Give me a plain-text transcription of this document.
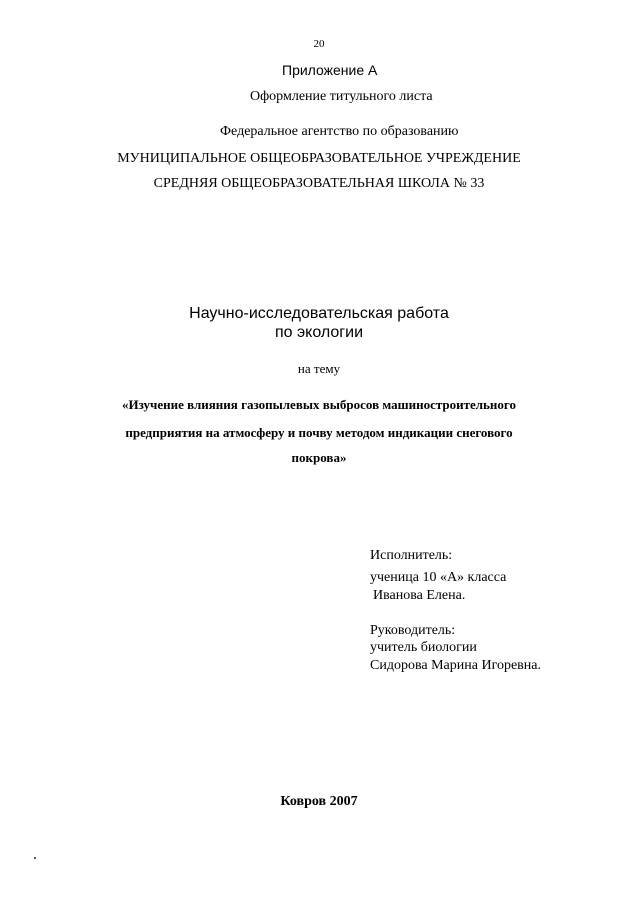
20
Приложение А
Оформление титульного листа
Федеральное агентство по образованию
МУНИЦИПАЛЬНОЕ ОБЩЕОБРАЗОВАТЕЛЬНОЕ УЧРЕЖДЕНИЕ
СРЕДНЯЯ ОБЩЕОБРАЗОВАТЕЛЬНАЯ ШКОЛА № 33
Научно-исследовательская работа
по экологии
на тему
«Изучение влияния газопылевых выбросов машиностроительного
предприятия на атмосферу и почву методом индикации снегового
покрова»
Исполнитель:
ученица 10 «А» класса
Иванова Елена.
Руководитель:
учитель биологии
Сидорова Марина Игоревна.
Ковров 2007
